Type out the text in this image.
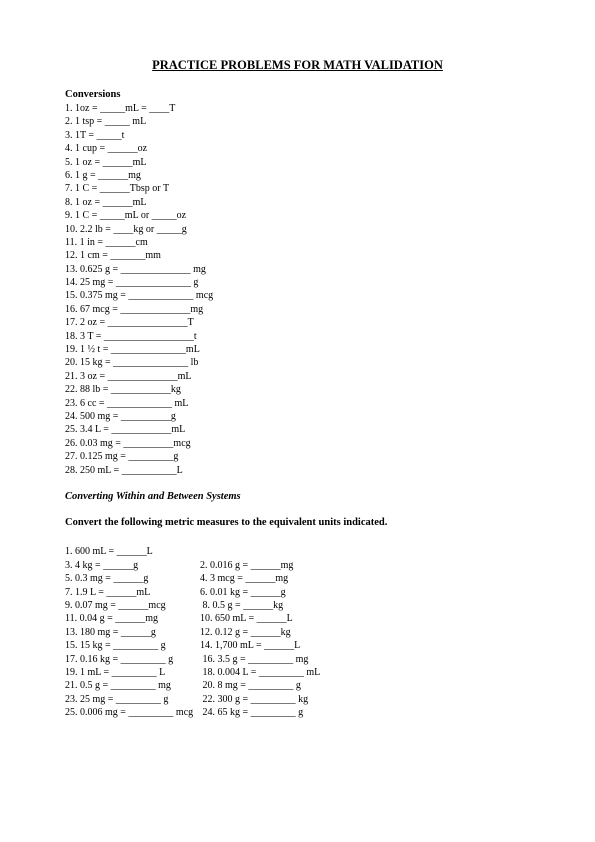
PRACTICE PROBLEMS FOR MATH VALIDATION
Conversions
1. 1oz = _____mL = ____T
2. 1 tsp = _____ mL
3. 1T = _____t
4. 1 cup = ______oz
5. 1 oz = ______mL
6. 1 g = ______mg
7. 1 C = ______Tbsp or T
8. 1 oz = ______mL
9. 1 C = _____mL or _____oz
10. 2.2 lb = ____kg or _____g
11. 1 in = ______cm
12. 1 cm = _______mm
13. 0.625 g = ______________ mg
14. 25 mg = _______________ g
15. 0.375 mg = _____________ mcg
16. 67 mcg = ______________mg
17. 2 oz = ________________T
18. 3 T = __________________t
19. 1 ½ t = _______________mL
20. 15 kg = _______________ lb
21. 3 oz = ______________mL
22. 88 lb = ____________kg
23. 6 cc = _____________ mL
24. 500 mg = __________g
25. 3.4 L = ____________mL
26. 0.03 mg = __________mcg
27. 0.125 mg = _________g
28. 250 mL = ___________L
Converting Within and Between Systems
Convert the following metric measures to the equivalent units indicated.

1. 600 mL = ______L

2. 0.016 g = ______mg

3. 4 kg = ______g

4. 3 mcg = ______mg

5. 0.3 mg = ______g

6. 0.01 kg = ______g

7. 1.9 L = ______mL

8. 0.5 g = ______kg

9. 0.07 mg = ______mcg

10. 650 mL = ______L

11. 0.04 g = ______mg

12. 0.12 g = ______kg

13. 180 mg = ______g

14. 1,700 mL = ______L

15. 15 kg = _________ g

16. 3.5 g = _________ mg

17. 0.16 kg = _________ g

18. 0.004 L = _________ mL

19. 1 mL = _________ L

20. 8 mg = _________ g

21. 0.5 g = _________ mg

22. 300 g = _________ kg

23. 25 mg = _________ g

24. 65 kg = _________ g

25. 0.006 mg = _________ mcg
